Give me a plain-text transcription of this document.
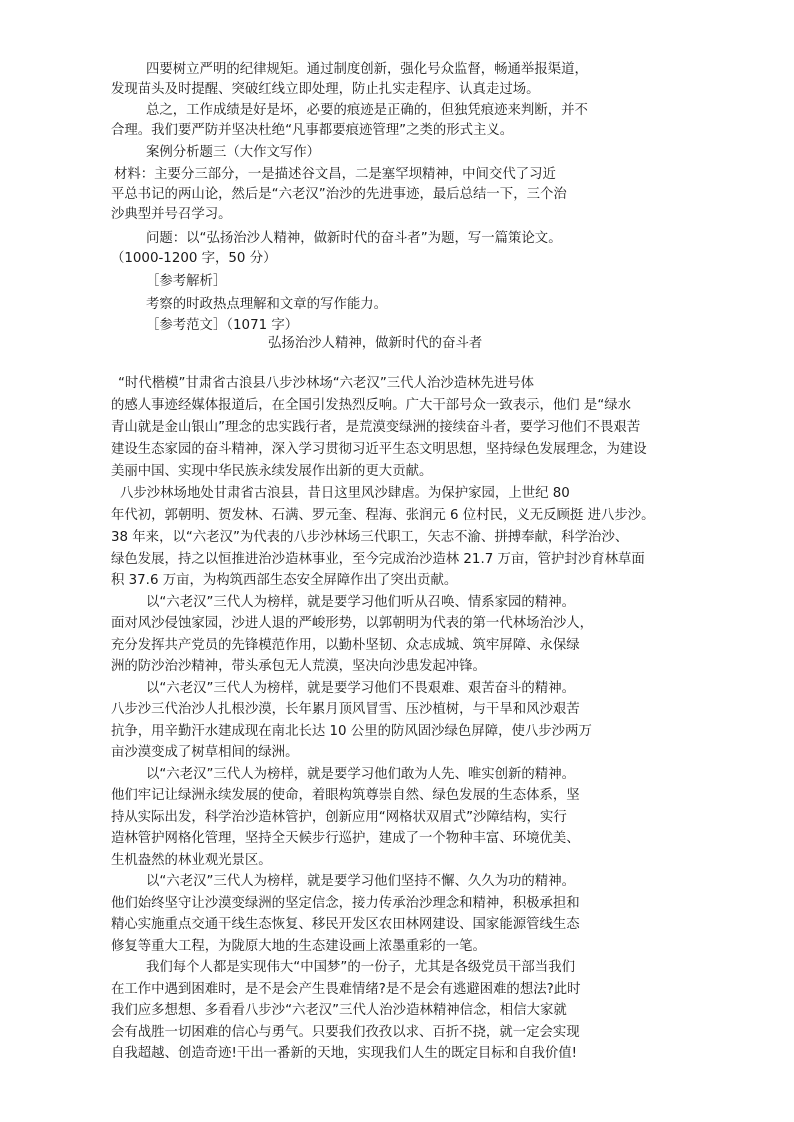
四要树立严明的纪律规矩。通过制度创新，强化号众监督，畅通举报渠道，
发现苗头及时提醒、突破红线立即处理，防止扎实走程序、认真走过场。
总之，工作成绩是好是坏，必要的痕迹是正确的，但独凭痕迹来判断，并不
合理。我们要严防并坚决杜绝“凡事都要痕迹管理”之类的形式主义。
案例分析题三（大作文写作）
材料：主要分三部分，一是描述谷文昌，二是塞罕坝精神，中间交代了习近
平总书记的两山论，然后是“六老汉”治沙的先进事迹，最后总结一下，三个治
沙典型并号召学习。
问题：以“弘扬治沙人精神，做新时代的奋斗者”为题，写一篇策论文。
（1000-1200 字，50 分）
［参考解析］
考察的时政热点理解和文章的写作能力。
［参考范文］（1071 字）
弘扬治沙人精神，做新时代的奋斗者
“时代楷模”甘肃省古浪县八步沙林场“六老汉”三代人治沙造林先进号体
的感人事迹经媒体报道后，在全国引发热烈反响。广大干部号众一致表示，他们 是“绿水
青山就是金山银山”理念的忠实践行者，是荒漠变绿洲的接续奋斗者，要学习他们不畏艰苦
建设生态家园的奋斗精神，深入学习贯彻习近平生态文明思想，坚持绿色发展理念，为建设
美丽中国、实现中华民族永续发展作出新的更大贡献。
八步沙林场地处甘肃省古浪县，昔日这里风沙肆虐。为保护家园，上世纪 80
年代初，郭朝明、贺发林、石满、罗元奎、程海、张润元 6 位村民，义无反顾挺 进八步沙。
38 年来，以“六老汉”为代表的八步沙林场三代职工，矢志不渝、拼搏奉献，科学治沙、
绿色发展，持之以恒推进治沙造林事业，至今完成治沙造林 21.7 万亩，管护封沙育林草面
积 37.6 万亩，为构筑西部生态安全屏障作出了突出贡献。
以“六老汉”三代人为榜样，就是要学习他们听从召唤、情系家园的精神。
面对风沙侵蚀家园，沙进人退的严峻形势，以郭朝明为代表的第一代林场治沙人，
充分发挥共产党员的先锋模范作用，以勤朴坚韧、众志成城、筑牢屏障、永保绿
洲的防沙治沙精神，带头承包无人荒漠，坚决向沙患发起冲锋。
以“六老汉”三代人为榜样，就是要学习他们不畏艰难、艰苦奋斗的精神。
八步沙三代治沙人扎根沙漠，长年累月顶风冒雪、压沙植树，与干旱和风沙艰苦
抗争，用辛勤汗水建成现在南北长达 10 公里的防风固沙绿色屏障，使八步沙两万
亩沙漠变成了树草相间的绿洲。
以“六老汉”三代人为榜样，就是要学习他们敢为人先、唯实创新的精神。
他们牢记让绿洲永续发展的使命，着眼构筑尊崇自然、绿色发展的生态体系，坚
持从实际出发，科学治沙造林管护，创新应用“网格状双眉式”沙障结构，实行
造林管护网格化管理，坚持全天候步行巡护，建成了一个物种丰富、环境优美、
生机盎然的林业观光景区。
以“六老汉”三代人为榜样，就是要学习他们坚持不懈、久久为功的精神。
他们始终坚守让沙漠变绿洲的坚定信念，接力传承治沙理念和精神，积极承担和
精心实施重点交通干线生态恢复、移民开发区农田林网建设、国家能源管线生态
修复等重大工程，为陇原大地的生态建设画上浓墨重彩的一笔。
我们每个人都是实现伟大“中国梦”的一份子，尤其是各级党员干部当我们
在工作中遇到困难时，是不是会产生畏难情绪?是不是会有逃避困难的想法?此时
我们应多想想、多看看八步沙“六老汉”三代人治沙造林精神信念，相信大家就
会有战胜一切困难的信心与勇气。只要我们孜孜以求、百折不挠，就一定会实现
自我超越、创造奇迹!干出一番新的天地，实现我们人生的既定目标和自我价值!
